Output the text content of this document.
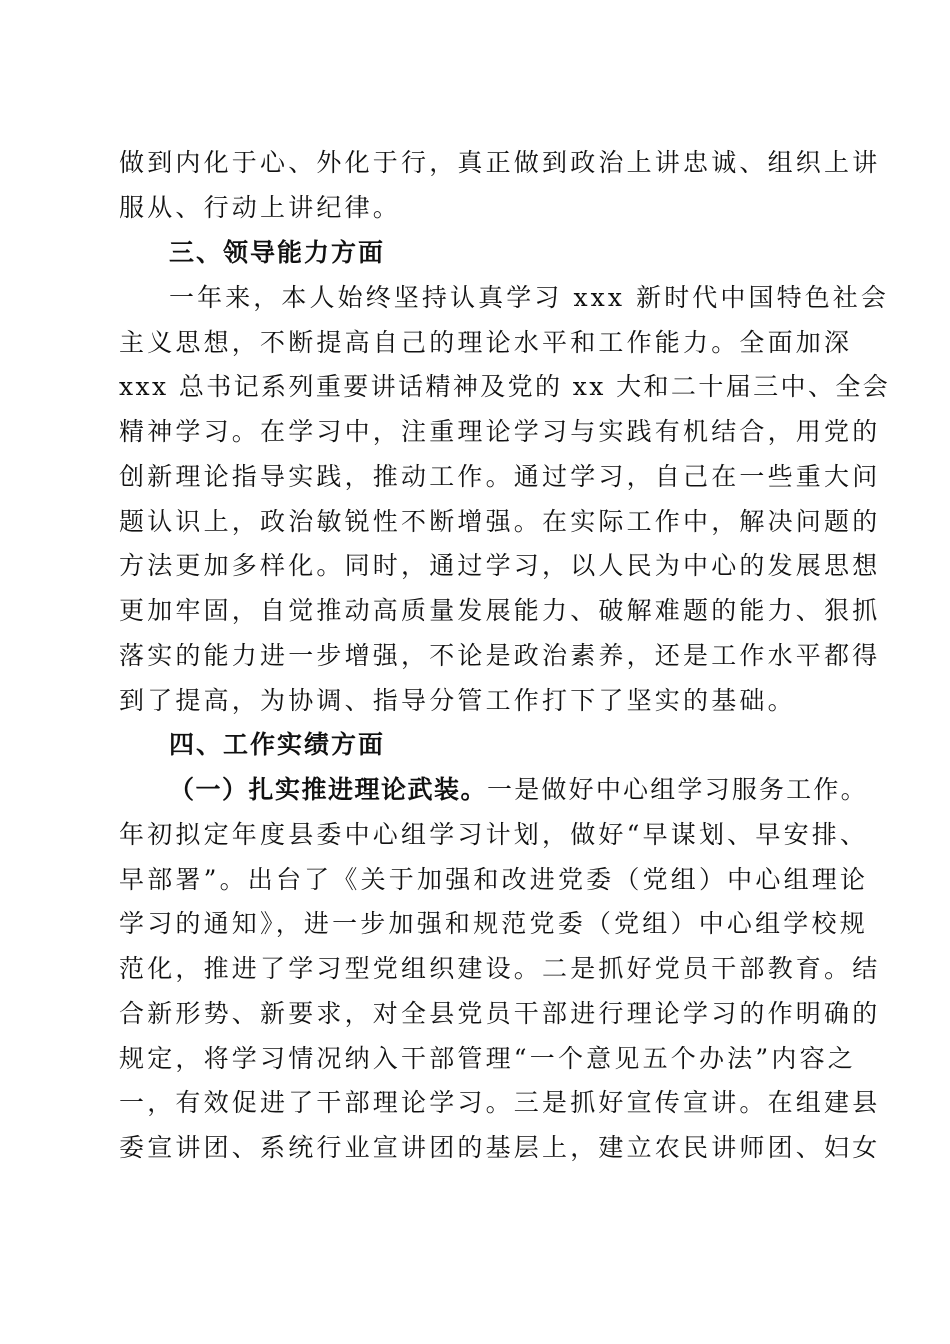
做到内化于心、外化于行，真正做到政治上讲忠诚、组织上讲
服从、行动上讲纪律。
三、领导能力方面
一年来，本人始终坚持认真学习 xxx 新时代中国特色社会
主义思想，不断提高自己的理论水平和工作能力。全面加深
xxx 总书记系列重要讲话精神及党的 xx 大和二十届三中、全会
精神学习。在学习中，注重理论学习与实践有机结合，用党的
创新理论指导实践，推动工作。通过学习，自己在一些重大问
题认识上，政治敏锐性不断增强。在实际工作中，解决问题的
方法更加多样化。同时，通过学习，以人民为中心的发展思想
更加牢固，自觉推动高质量发展能力、破解难题的能力、狠抓
落实的能力进一步增强，不论是政治素养，还是工作水平都得
到了提高，为协调、指导分管工作打下了坚实的基础。
四、工作实绩方面
（一）扎实推进理论武装。一是做好中心组学习服务工作。
年初拟定年度县委中心组学习计划，做好“早谋划、早安排、
早部署”。出台了《关于加强和改进党委（党组）中心组理论
学习的通知》，进一步加强和规范党委（党组）中心组学校规
范化，推进了学习型党组织建设。二是抓好党员干部教育。结
合新形势、新要求，对全县党员干部进行理论学习的作明确的
规定，将学习情况纳入干部管理“一个意见五个办法”内容之
一，有效促进了干部理论学习。三是抓好宣传宣讲。在组建县
委宣讲团、系统行业宣讲团的基层上，建立农民讲师团、妇女
